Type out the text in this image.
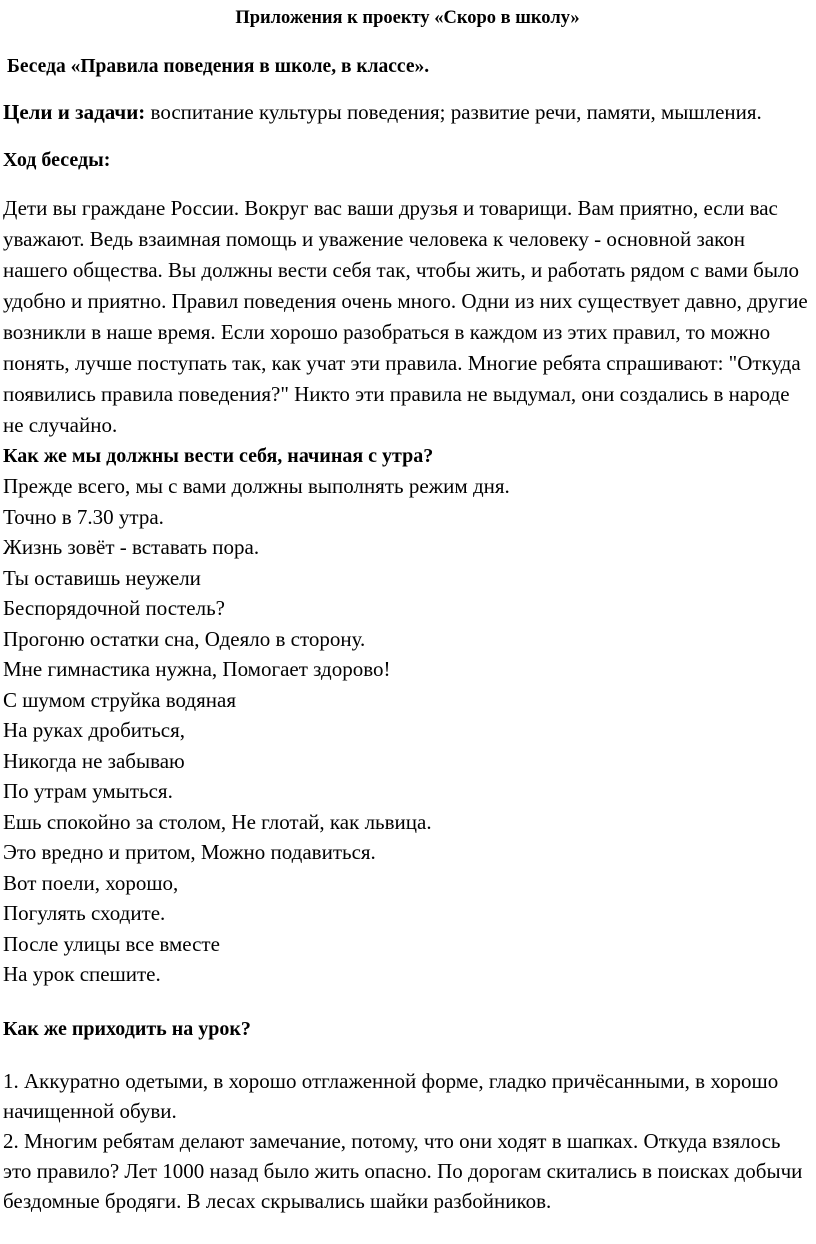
Приложения к проекту «Скоро в школу»
Беседа «Правила поведения в школе, в классе».

Цели и задачи: воспитание культуры поведения; развитие речи, памяти, мышления.

Ход беседы:

Дети вы граждане России. Вокруг вас ваши друзья и товарищи. Вам приятно, если вас уважают. Ведь взаимная помощь и уважение человека к человеку - основной закон нашего общества. Вы должны вести себя так, чтобы жить, и работать рядом с вами было удобно и приятно. Правил поведения очень много. Одни из них существует давно, другие возникли в наше время. Если хорошо разобраться в каждом из этих правил, то можно понять, лучше поступать так, как учат эти правила. Многие ребята спрашивают: "Откуда появились правила поведения?" Никто эти правила не выдумал, они создались в народе не случайно.

Как же мы должны вести себя, начиная с утра?
Прежде всего, мы с вами должны выполнять режим дня.
Точно в 7.30 утра.
Жизнь зовёт - вставать пора.
Ты оставишь неужели
Беспорядочной постель?
Прогоню остатки сна, Одеяло в сторону.
Мне гимнастика нужна, Помогает здорово!
С шумом струйка водяная
На руках дробиться,
Никогда не забываю
По утрам умыться.
Ешь спокойно за столом, Не глотай, как львица.
Это вредно и притом, Можно подавиться.
Вот поели, хорошо,
Погулять сходите.
После улицы все вместе
На урок спешите.
Как же приходить на урок?

1. Аккуратно одетыми, в хорошо отглаженной форме, гладко причёсанными, в хорошо начищенной обуви.

2. Многим ребятам делают замечание, потому, что они ходят в шапках. Откуда взялось это правило? Лет 1000 назад было жить опасно. По дорогам скитались в поисках добычи бездомные бродяги. В лесах скрывались шайки разбойников.
